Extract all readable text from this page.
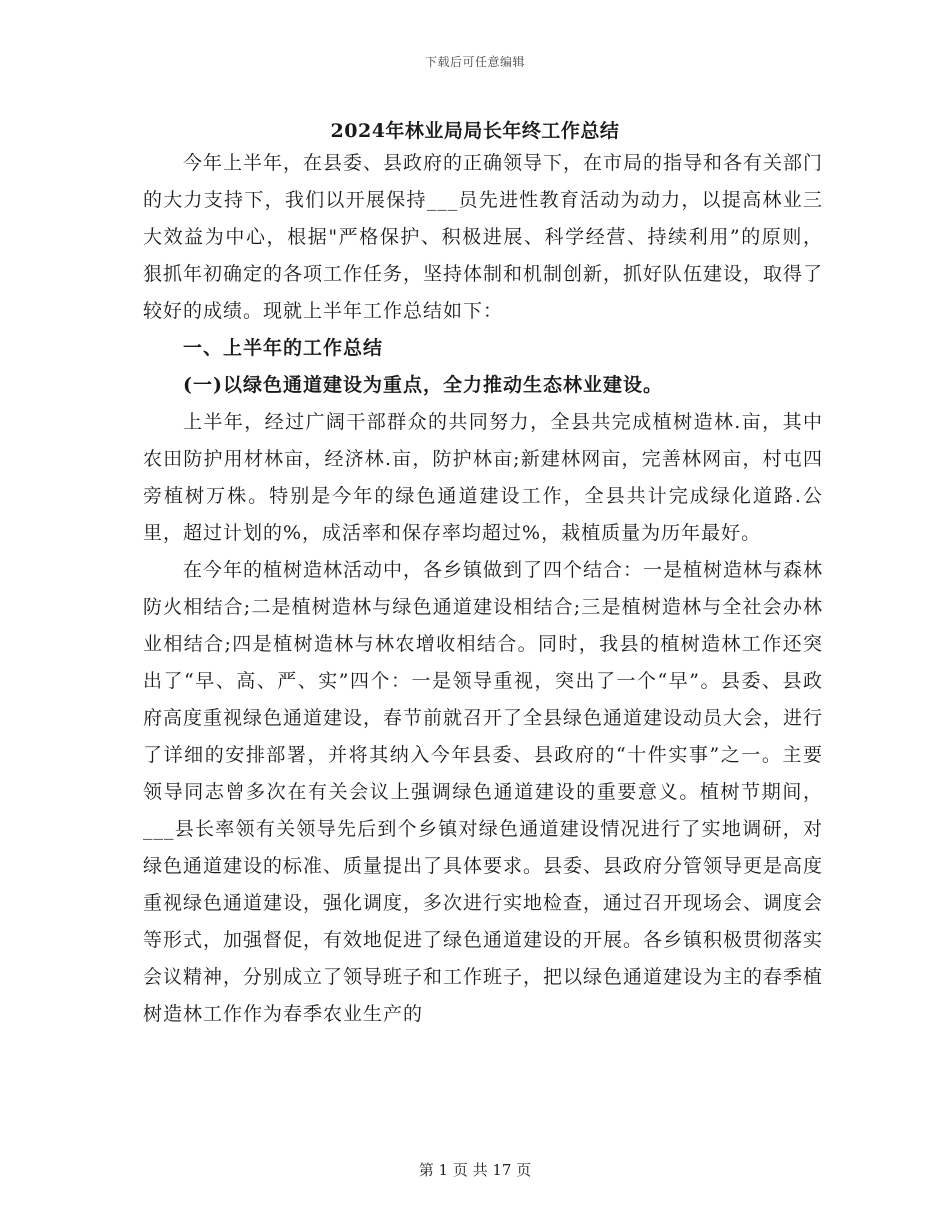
下载后可任意编辑
2024年林业局局长年终工作总结

今年上半年，在县委、县政府的正确领导下，在市局的指导和各有关部门的大力支持下，我们以开展保持___员先进性教育活动为动力，以提高林业三大效益为中心，根据"严格保护、积极进展、科学经营、持续利用”的原则，狠抓年初确定的各项工作任务，坚持体制和机制创新，抓好队伍建设，取得了较好的成绩。现就上半年工作总结如下：

一、上半年的工作总结

(一)以绿色通道建设为重点，全力推动生态林业建设。

上半年，经过广阔干部群众的共同努力，全县共完成植树造林.亩，其中农田防护用材林亩，经济林.亩，防护林亩;新建林网亩，完善林网亩，村屯四旁植树万株。特别是今年的绿色通道建设工作，全县共计完成绿化道路.公里，超过计划的%，成活率和保存率均超过%，栽植质量为历年最好。

在今年的植树造林活动中，各乡镇做到了四个结合：一是植树造林与森林防火相结合;二是植树造林与绿色通道建设相结合;三是植树造林与全社会办林业相结合;四是植树造林与林农增收相结合。同时，我县的植树造林工作还突出了“早、高、严、实”四个：一是领导重视，突出了一个“早”。县委、县政府高度重视绿色通道建设，春节前就召开了全县绿色通道建设动员大会，进行了详细的安排部署，并将其纳入今年县委、县政府的“十件实事”之一。主要领导同志曾多次在有关会议上强调绿色通道建设的重要意义。植树节期间，___县长率领有关领导先后到个乡镇对绿色通道建设情况进行了实地调研，对绿色通道建设的标准、质量提出了具体要求。县委、县政府分管领导更是高度重视绿色通道建设，强化调度，多次进行实地检查，通过召开现场会、调度会等形式，加强督促，有效地促进了绿色通道建设的开展。各乡镇积极贯彻落实会议精神，分别成立了领导班子和工作班子，把以绿色通道建设为主的春季植树造林工作作为春季农业生产的

第 1 页 共 17 页
